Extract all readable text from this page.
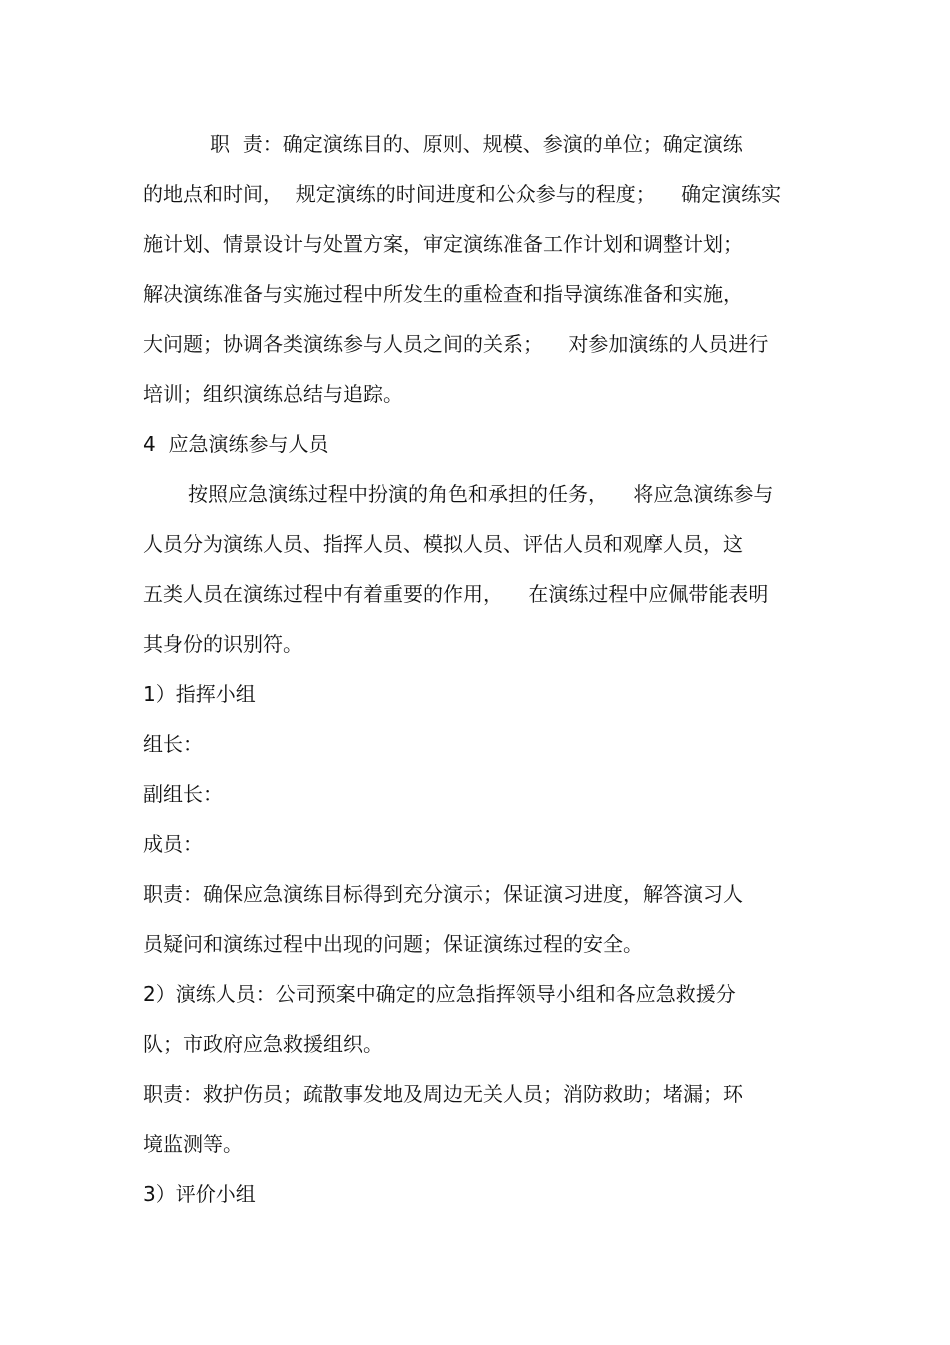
职  责：确定演练目的、原则、规模、参演的单位；确定演练
的地点和时间，  规定演练的时间进度和公众参与的程度；    确定演练实
施计划、情景设计与处置方案，审定演练准备工作计划和调整计划；
解决演练准备与实施过程中所发生的重检查和指导演练准备和实施，
大问题；协调各类演练参与人员之间的关系；    对参加演练的人员进行
培训；组织演练总结与追踪。
4  应急演练参与人员
按照应急演练过程中扮演的角色和承担的任务，    将应急演练参与
人员分为演练人员、指挥人员、模拟人员、评估人员和观摩人员，这
五类人员在演练过程中有着重要的作用，    在演练过程中应佩带能表明
其身份的识别符。
1）指挥小组
组长：
副组长：
成员：
职责：确保应急演练目标得到充分演示；保证演习进度，解答演习人
员疑问和演练过程中出现的问题；保证演练过程的安全。
2）演练人员：公司预案中确定的应急指挥领导小组和各应急救援分
队；市政府应急救援组织。
职责：救护伤员；疏散事发地及周边无关人员；消防救助；堵漏；环
境监测等。
3）评价小组
